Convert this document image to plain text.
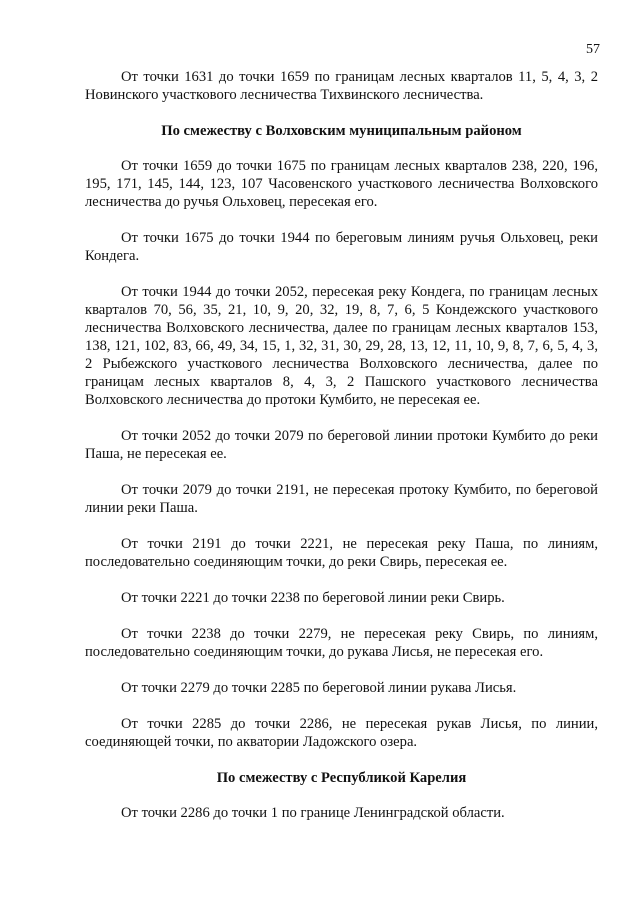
57

От точки 1631 до точки 1659 по границам лесных кварталов 11, 5, 4, 3, 2 Новинского участкового лесничества Тихвинского лесничества.

По смежеству с Волховским муниципальным районом

От точки 1659 до точки 1675 по границам лесных кварталов 238, 220, 196, 195, 171, 145, 144, 123, 107 Часовенского участкового лесничества Волховского лесничества до ручья Ольховец, пересекая его.

От точки 1675 до точки 1944 по береговым линиям ручья Ольховец, реки Кондега.

От точки 1944 до точки 2052, пересекая реку Кондега, по границам лесных кварталов 70, 56, 35, 21, 10, 9, 20, 32, 19, 8, 7, 6, 5 Кондежского участкового лесничества Волховского лесничества, далее по границам лесных кварталов 153, 138, 121, 102, 83, 66, 49, 34, 15, 1, 32, 31, 30, 29, 28, 13, 12, 11, 10, 9, 8, 7, 6, 5, 4, 3, 2 Рыбежского участкового лесничества Волховского лесничества, далее по границам лесных кварталов 8, 4, 3, 2 Пашского участкового лесничества Волховского лесничества до протоки Кумбито, не пересекая ее.

От точки 2052 до точки 2079 по береговой линии протоки Кумбито до реки Паша, не пересекая ее.

От точки 2079 до точки 2191, не пересекая протоку Кумбито, по береговой линии реки Паша.

От точки 2191 до точки 2221, не пересекая реку Паша, по линиям, последовательно соединяющим точки, до реки Свирь, пересекая ее.

От точки 2221 до точки 2238 по береговой линии реки Свирь.

От точки 2238 до точки 2279, не пересекая реку Свирь, по линиям, последовательно соединяющим точки, до рукава Лисья, не пересекая его.

От точки 2279 до точки 2285 по береговой линии рукава Лисья.

От точки 2285 до точки 2286, не пересекая рукав Лисья, по линии, соединяющей точки, по акватории Ладожского озера.

По смежеству с Республикой Карелия

От точки 2286 до точки 1 по границе Ленинградской области.
